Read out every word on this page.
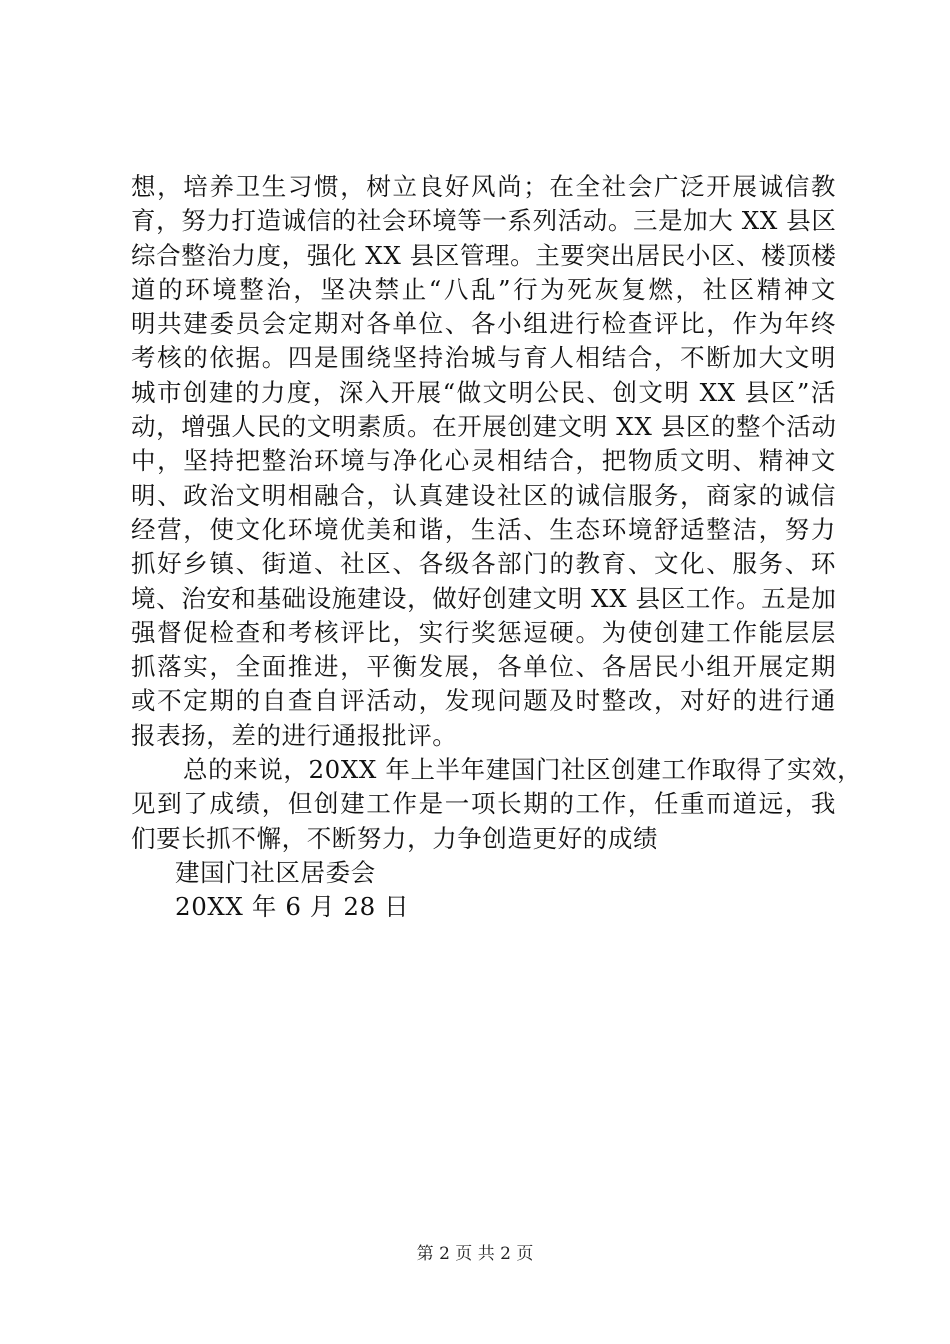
想，培养卫生习惯，树立良好风尚；在全社会广泛开展诚信教
育，努力打造诚信的社会环境等一系列活动。三是加大 XX 县区
综合整治力度，强化 XX 县区管理。主要突出居民小区、楼顶楼
道的环境整治，坚决禁止“八乱”行为死灰复燃，社区精神文
明共建委员会定期对各单位、各小组进行检查评比，作为年终
考核的依据。四是围绕坚持治城与育人相结合，不断加大文明
城市创建的力度，深入开展“做文明公民、创文明 XX 县区”活
动，增强人民的文明素质。在开展创建文明 XX 县区的整个活动
中，坚持把整治环境与净化心灵相结合，把物质文明、精神文
明、政治文明相融合，认真建设社区的诚信服务，商家的诚信
经营，使文化环境优美和谐，生活、生态环境舒适整洁，努力
抓好乡镇、街道、社区、各级各部门的教育、文化、服务、环
境、治安和基础设施建设，做好创建文明 XX 县区工作。五是加
强督促检查和考核评比，实行奖惩逗硬。为使创建工作能层层
抓落实，全面推进，平衡发展，各单位、各居民小组开展定期
或不定期的自查自评活动，发现问题及时整改，对好的进行通
报表扬，差的进行通报批评。
总的来说，20XX 年上半年建国门社区创建工作取得了实效，
见到了成绩，但创建工作是一项长期的工作，任重而道远，我
们要长抓不懈，不断努力，力争创造更好的成绩
建国门社区居委会
20XX 年 6 月 28 日
第 2 页 共 2 页
